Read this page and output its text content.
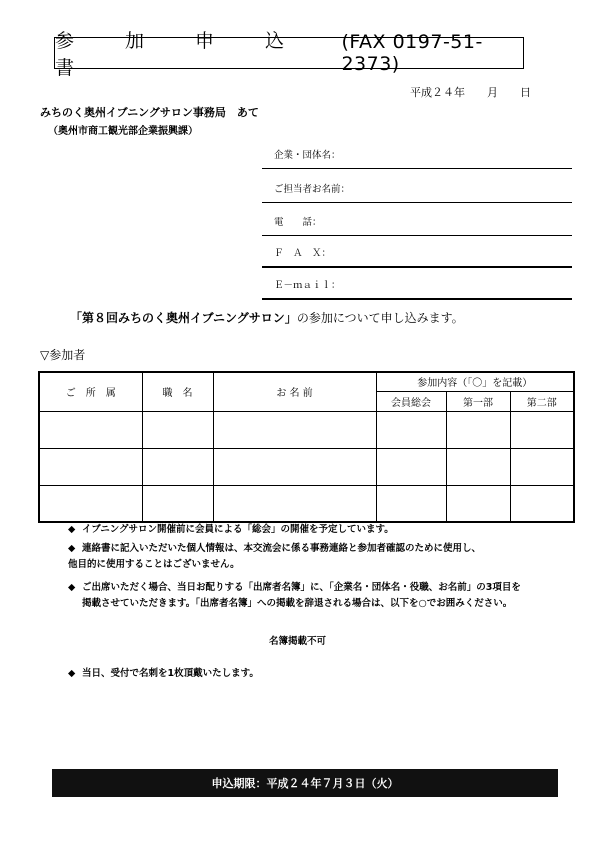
参　加　申　込　書
(FAX 0197-51-2373)
平成２４年　　月　　日
みちのく奥州イブニングサロン事務局　あて
（奥州市商工観光部企業振興課）
企業・団体名：
ご担当者お名前：
電　　話：
Ｆ　Ａ　Ｘ：
Ｅ－ｍａｉｌ：
「第８回みちのく奥州イブニングサロン」の参加について申し込みます。
▽参加者
ご　所　属	職　名	お 名 前	参加内容（「〇」を記載）		
			会員総会	第一部	第二部

◆ イブニングサロン開催前に会員による「総会」の開催を予定しています。
◆ 連絡書に記入いただいた個人情報は、本交流会に係る事務連絡と参加者確認のために使用し、
他目的に使用することはございません。
◆ ご出席いただく場合、当日お配りする「出席者名簿」に、「企業名・団体名・役職、お名前」の3項目を
掲載させていただきます。「出席者名簿」への掲載を辞退される場合は、以下を○でお囲みください。
名簿掲載不可
◆ 当日、受付で名刺を1枚頂戴いたします。
申込期限：平成２４年７月３日（火）
